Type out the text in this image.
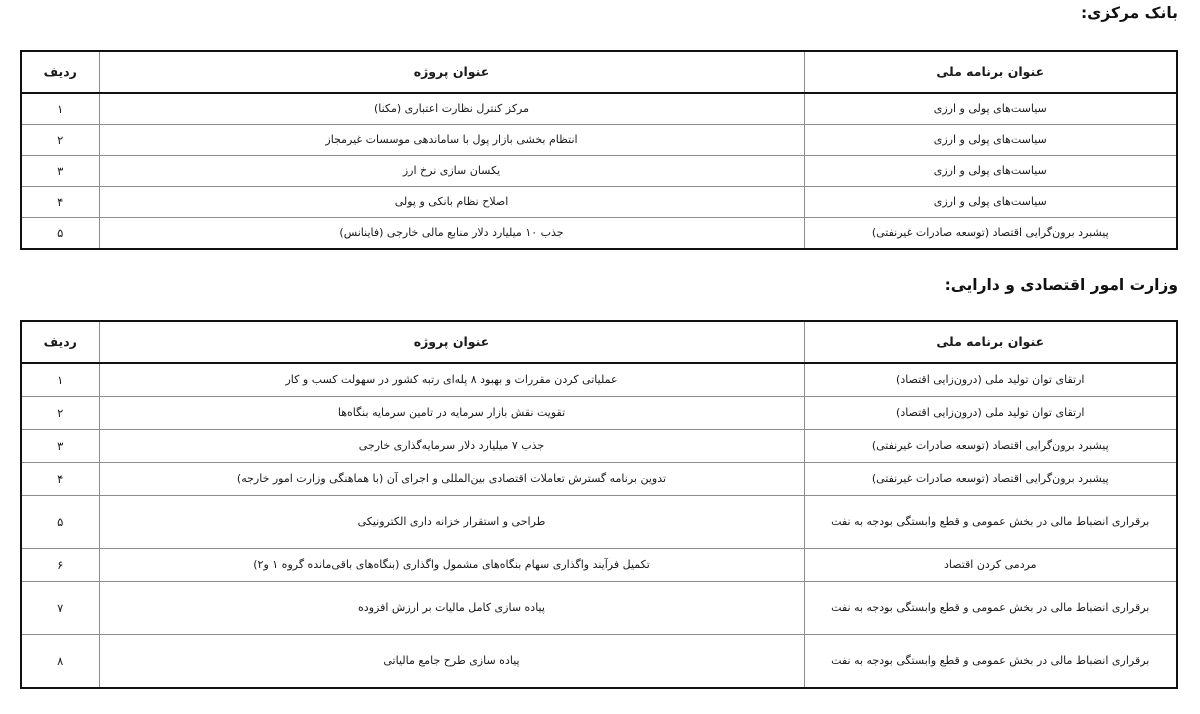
بانک مرکزی:
عنوان برنامه ملی	عنوان پروژه	ردیف
سیاست‌های پولی و ارزی	مرکز کنترل نظارت اعتباری (مکنا)	۱
سیاست‌های پولی و ارزی	انتظام بخشی بازار پول با ساماندهی موسسات غیرمجاز	۲
سیاست‌های پولی و ارزی	یکسان سازی نرخ ارز	۳
سیاست‌های پولی و ارزی	اصلاح نظام بانکی و پولی	۴
پیشبرد برون‌گرایی اقتصاد (توسعه صادرات غیرنفتی)	جذب ۱۰ میلیارد دلار منابع مالی خارجی (فاینانس)	۵
وزارت امور اقتصادی و دارایی:
عنوان برنامه ملی	عنوان پروژه	ردیف
ارتقای توان تولید ملی (درون‌زایی اقتصاد)	عملیاتی کردن مقررات و بهبود ۸ پله‌ای رتبه کشور در سهولت کسب و کار	۱
ارتقای توان تولید ملی (درون‌زایی اقتصاد)	تقویت نقش بازار سرمایه در تامین سرمایه بنگاه‌ها	۲
پیشبرد برون‌گرایی اقتصاد (توسعه صادرات غیرنفتی)	جذب ۷ میلیارد دلار سرمایه‌گذاری خارجی	۳
پیشبرد برون‌گرایی اقتصاد (توسعه صادرات غیرنفتی)	تدوین برنامه گسترش تعاملات اقتصادی بین‌المللی و اجرای آن (با هماهنگی وزارت امور خارجه)	۴
برقراری انضباط مالی در بخش عمومی و قطع وابستگی بودجه به نفت	طراحی و استقرار خزانه داری الکترونیکی	۵
مردمی کردن اقتصاد	تکمیل فرآیند واگذاری سهام بنگاه‌های مشمول واگذاری (بنگاه‌های باقی‌مانده گروه ۱ و۲)	۶
برقراری انضباط مالی در بخش عمومی و قطع وابستگی بودجه به نفت	پیاده سازی کامل مالیات بر ارزش افزوده	۷
برقراری انضباط مالی در بخش عمومی و قطع وابستگی بودجه به نفت	پیاده سازی طرح جامع مالیاتی	۸
